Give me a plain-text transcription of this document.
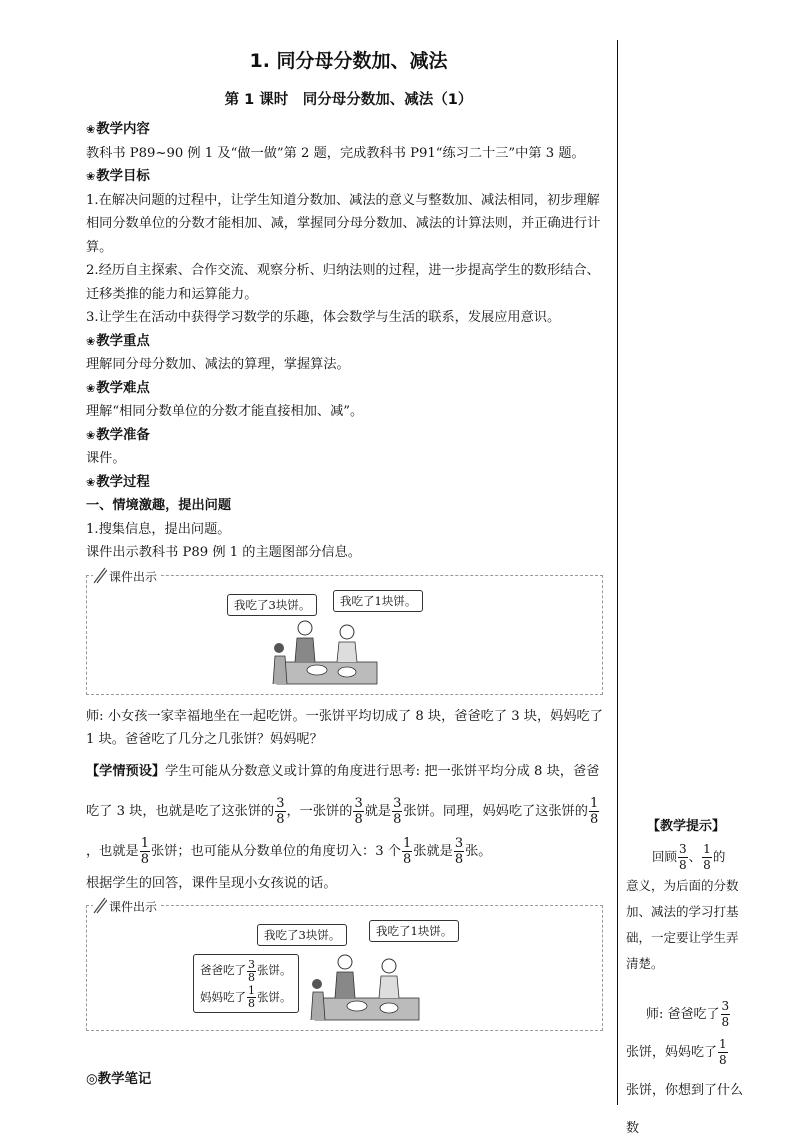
1. 同分母分数加、减法
第 1 课时　同分母分数加、减法（1）
❀教学内容

教科书 P89~90 例 1 及“做一做”第 2 题，完成教科书 P91“练习二十三”中第 3 题。

❀教学目标

1.在解决问题的过程中，让学生知道分数加、减法的意义与整数加、减法相同，初步理解相同分数单位的分数才能相加、减，掌握同分母分数加、减法的计算法则，并正确进行计算。

2.经历自主探索、合作交流、观察分析、归纳法则的过程，进一步提高学生的数形结合、迁移类推的能力和运算能力。

3.让学生在活动中获得学习数学的乐趣，体会数学与生活的联系，发展应用意识。

❀教学重点

理解同分母分数加、减法的算理，掌握算法。

❀教学难点

理解“相同分数单位的分数才能直接相加、减”。

❀教学准备

课件。

❀教学过程
一、情境激趣，提出问题

1.搜集信息，提出问题。

课件出示教科书 P89 例 1 的主题图部分信息。

课件出示
我吃了3块饼。	我吃了1块饼。

师: 小女孩一家幸福地坐在一起吃饼。一张饼平均切成了 8 块，爸爸吃了 3 块，妈妈吃了 1 块。爸爸吃了几分之几张饼？妈妈呢？

【学情预设】学生可能从分数意义或计算的角度进行思考: 把一张饼平均分成 8 块，爸爸吃了 3 块，也就是吃了这张饼的 $\frac{3}{8}$ ，一张饼的 $\frac{3}{8}$ 就是 $\frac{3}{8}$ 张饼。同理，妈妈吃了这张饼的 $\frac{1}{8}$
，也就是 $\frac{1}{8}$ 张饼；也可能从分数单位的角度切入：3 个 $\frac{1}{8}$ 张就是 $\frac{3}{8}$ 张。

根据学生的回答，课件呈现小女孩说的话。

课件出示
我吃了3块饼。	我吃了1块饼。
爸爸吃了 $\frac{3}{8}$ 张饼。
妈妈吃了 $\frac{1}{8}$ 张饼。
◎教学笔记
【教学提示】
回顾 $\frac{3}{8}$ 、 $\frac{1}{8}$ 的
意义，为后面的分数加、减法的学习打基础，一定要让学生弄清楚。
师: 爸爸吃了 $\frac{3}{8}$

张饼，妈妈吃了 $\frac{1}{8}$

张饼，你想到了什么数
